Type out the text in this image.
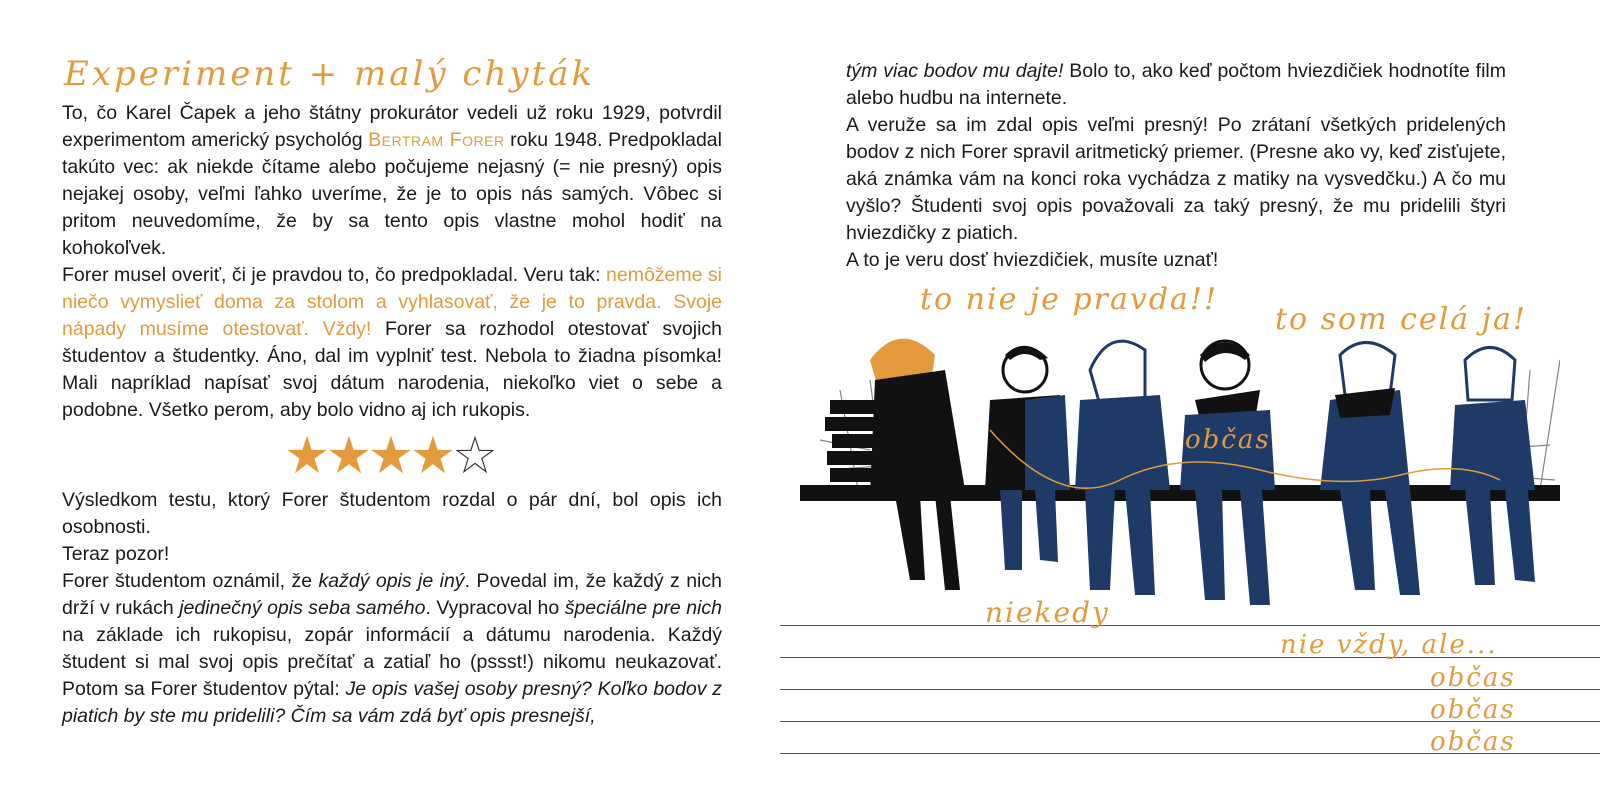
Experiment + malý chyták

To, čo Karel Čapek a jeho štátny prokurátor vedeli už roku 1929, potvrdil experimentom americký psychológ Bertram Forer roku 1948. Predpokladal takúto vec: ak niekde čítame alebo počujeme nejasný (= nie presný) opis nejakej osoby, veľmi ľahko uveríme, že je to opis nás samých. Vôbec si pritom neuvedomíme, že by sa tento opis vlastne mohol hodiť na kohokoľvek.

Forer musel overiť, či je pravdou to, čo predpokladal. Veru tak: nemôžeme si niečo vymyslieť doma za stolom a vyhlasovať, že je to pravda. Svoje nápady musíme otestovať. Vždy! Forer sa rozhodol otestovať svojich študentov a študentky. Áno, dal im vyplniť test. Nebola to žiadna písomka! Mali napríklad napísať svoj dátum narodenia, niekoľko viet o sebe a podobne. Všetko perom, aby bolo vidno aj ich rukopis.

Výsledkom testu, ktorý Forer študentom rozdal o pár dní, bol opis ich osobnosti.

Teraz pozor!

Forer študentom oznámil, že každý opis je iný. Povedal im, že každý z nich drží v rukách jedinečný opis seba samého. Vypracoval ho špeciálne pre nich na základe ich rukopisu, zopár informácií a dátumu narodenia. Každý študent si mal svoj opis prečítať a zatiaľ ho (pssst!) nikomu neukazovať. Potom sa Forer študentov pýtal: Je opis vašej osoby presný? Koľko bodov z piatich by ste mu pridelili? Čím sa vám zdá byť opis presnejší,

tým viac bodov mu dajte! Bolo to, ako keď počtom hviezdičiek hodnotíte film alebo hudbu na internete.

A veruže sa im zdal opis veľmi presný! Po zrátaní všetkých pridelených bodov z nich Forer spravil aritmetický priemer. (Presne ako vy, keď zisťujete, aká známka vám na konci roka vychádza z matiky na vysvedčku.) A čo mu vyšlo? Študenti svoj opis považovali za taký presný, že mu pridelili štyri hviezdičky z piatich.

A to je veru dosť hviezdičiek, musíte uznať!

to nie je pravda!!
to som celá ja!
občas
niekedy
nie vždy, ale...
občas
občas
občas
